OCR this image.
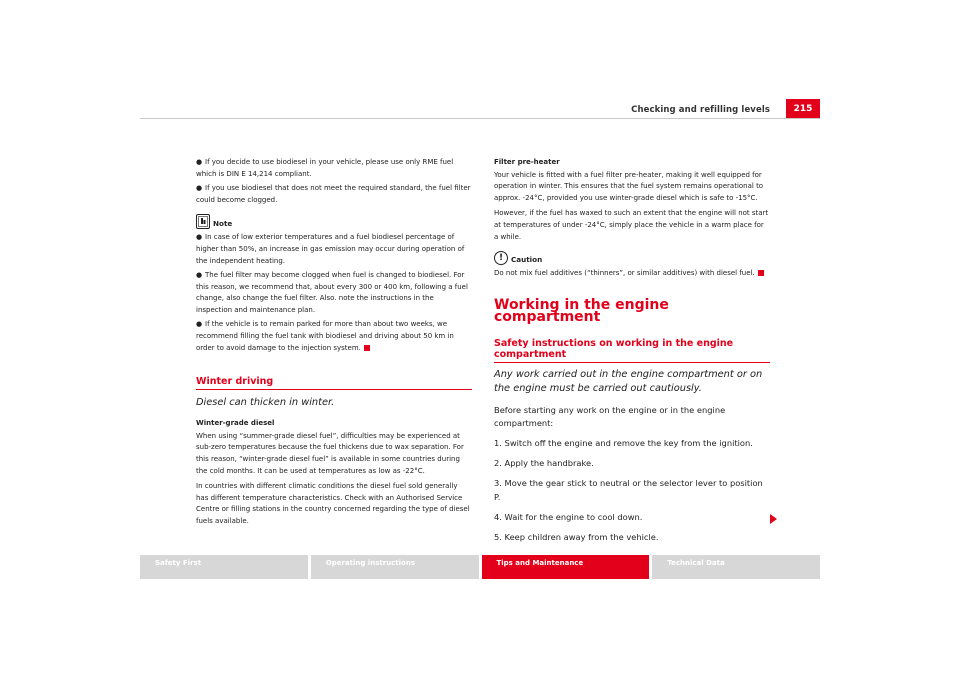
Checking and refilling levels	215

● If you decide to use biodiesel in your vehicle, please use only RME fuel which is DIN E 14,214 compliant.

● If you use biodiesel that does not meet the required standard, the fuel filter could become clogged.

Note

● In case of low exterior temperatures and a fuel biodiesel percentage of higher than 50%, an increase in gas emission may occur during operation of the independent heating.

● The fuel filter may become clogged when fuel is changed to biodiesel. For this reason, we recommend that, about every 300 or 400 km, following a fuel change, also change the fuel filter. Also. note the instructions in the inspection and maintenance plan.

● If the vehicle is to remain parked for more than about two weeks, we recommend filling the fuel tank with biodiesel and driving about 50 km in order to avoid damage to the injection system.

Winter driving

Diesel can thicken in winter.

Winter-grade diesel

When using “summer-grade diesel fuel”, difficulties may be experienced at sub-zero temperatures because the fuel thickens due to wax separation. For this reason, “winter-grade diesel fuel” is available in some countries during the cold months. It can be used at temperatures as low as -22°C.

In countries with different climatic conditions the diesel fuel sold generally has different temperature characteristics. Check with an Authorised Service Centre or filling stations in the country concerned regarding the type of diesel fuels available.

Filter pre-heater

Your vehicle is fitted with a fuel filter pre-heater, making it well equipped for operation in winter. This ensures that the fuel system remains operational to approx. -24°C, provided you use winter-grade diesel which is safe to -15°C.

However, if the fuel has waxed to such an extent that the engine will not start at temperatures of under -24°C, simply place the vehicle in a warm place for a while.

!	Caution

Do not mix fuel additives (“thinners”, or similar additives) with diesel fuel.

Working in the engine compartment
Safety instructions on working in the engine compartment

Any work carried out in the engine compartment or on the engine must be carried out cautiously.

Before starting any work on the engine or in the engine compartment:

1. Switch off the engine and remove the key from the ignition.

2. Apply the handbrake.

3. Move the gear stick to neutral or the selector lever to position P.

4. Wait for the engine to cool down.

5. Keep children away from the vehicle.

Safety First	Operating instructions	Tips and Maintenance	Technical Data
